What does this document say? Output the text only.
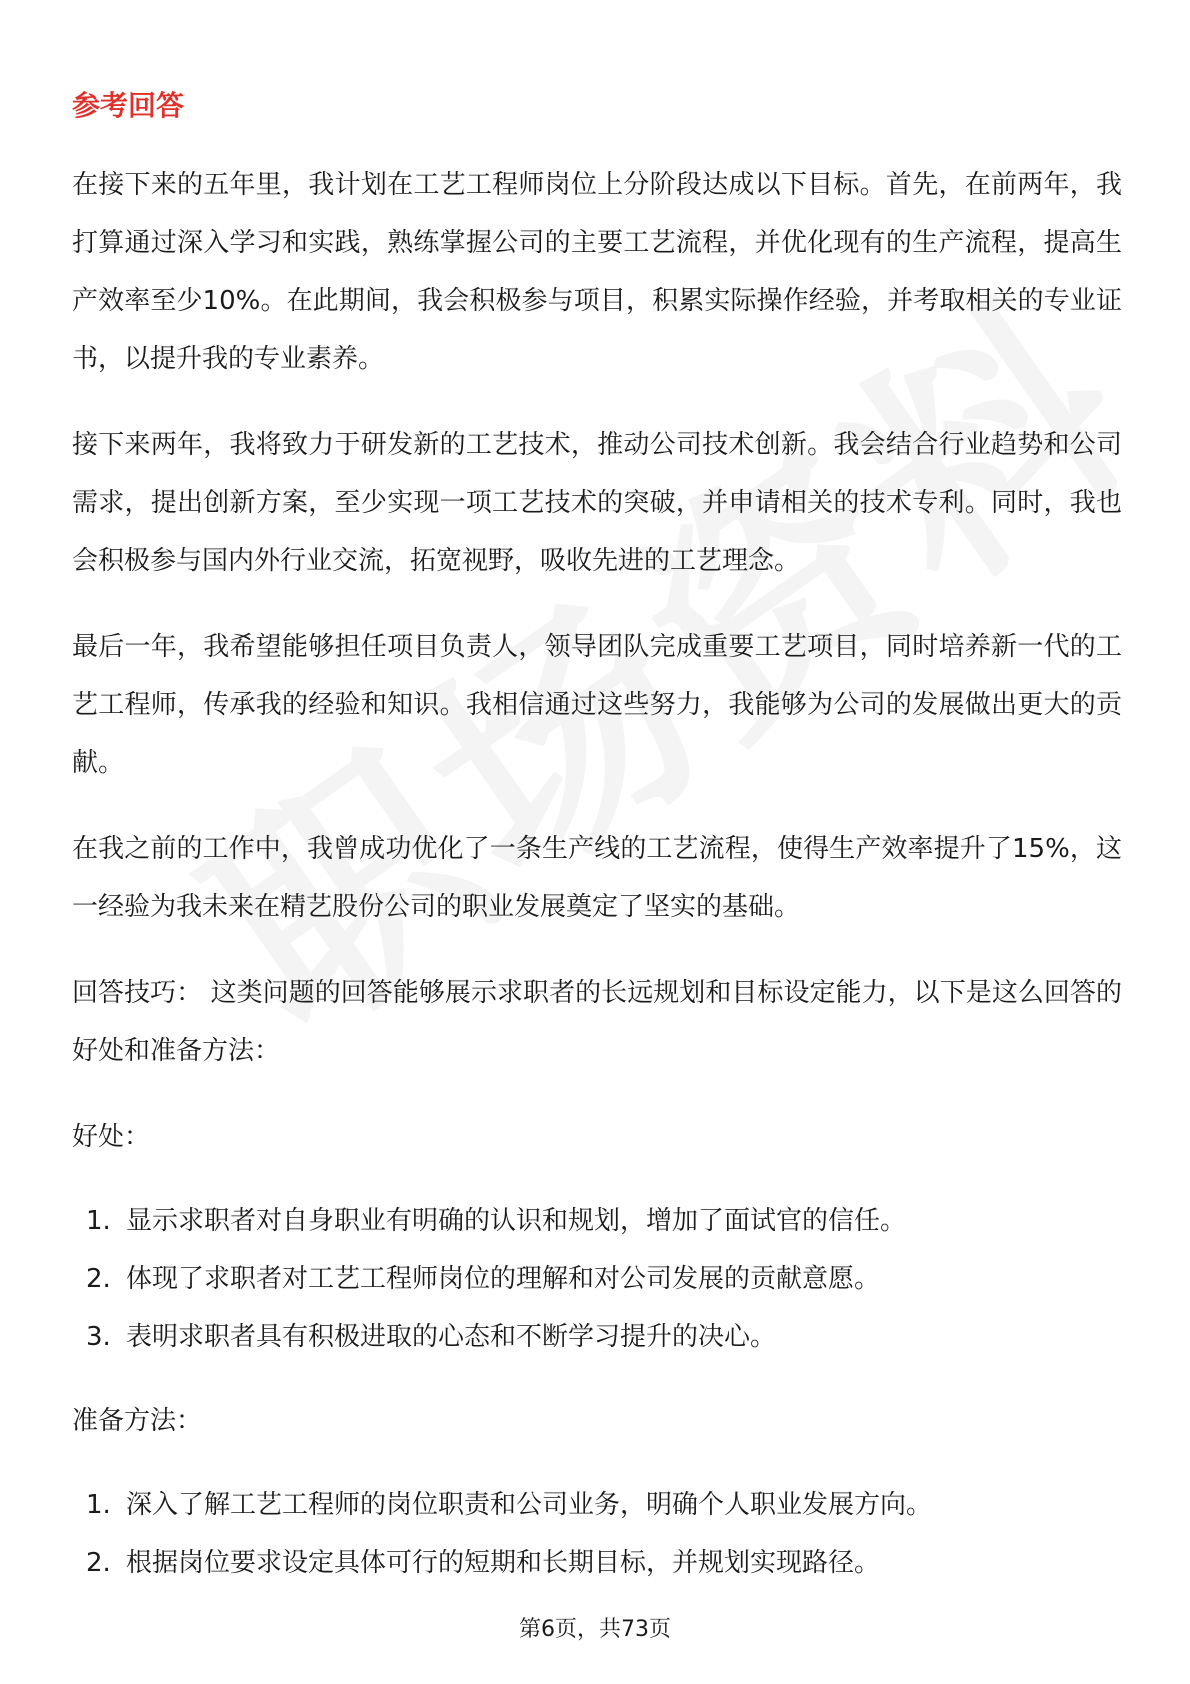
参考回答

在接下来的五年里，我计划在工艺工程师岗位上分阶段达成以下目标。首先，在前两年，我打算通过深入学习和实践，熟练掌握公司的主要工艺流程，并优化现有的生产流程，提高生产效率至少10%。在此期间，我会积极参与项目，积累实际操作经验，并考取相关的专业证书，以提升我的专业素养。

接下来两年，我将致力于研发新的工艺技术，推动公司技术创新。我会结合行业趋势和公司需求，提出创新方案，至少实现一项工艺技术的突破，并申请相关的技术专利。同时，我也会积极参与国内外行业交流，拓宽视野，吸收先进的工艺理念。

最后一年，我希望能够担任项目负责人，领导团队完成重要工艺项目，同时培养新一代的工艺工程师，传承我的经验和知识。我相信通过这些努力，我能够为公司的发展做出更大的贡献。

在我之前的工作中，我曾成功优化了一条生产线的工艺流程，使得生产效率提升了15%，这一经验为我未来在精艺股份公司的职业发展奠定了坚实的基础。

回答技巧： 这类问题的回答能够展示求职者的长远规划和目标设定能力，以下是这么回答的好处和准备方法：

好处：
1. 显示求职者对自身职业有明确的认识和规划，增加了面试官的信任。
2. 体现了求职者对工艺工程师岗位的理解和对公司发展的贡献意愿。
3. 表明求职者具有积极进取的心态和不断学习提升的决心。
准备方法：
1. 深入了解工艺工程师的岗位职责和公司业务，明确个人职业发展方向。
2. 根据岗位要求设定具体可行的短期和长期目标，并规划实现路径。
第6页，共73页
